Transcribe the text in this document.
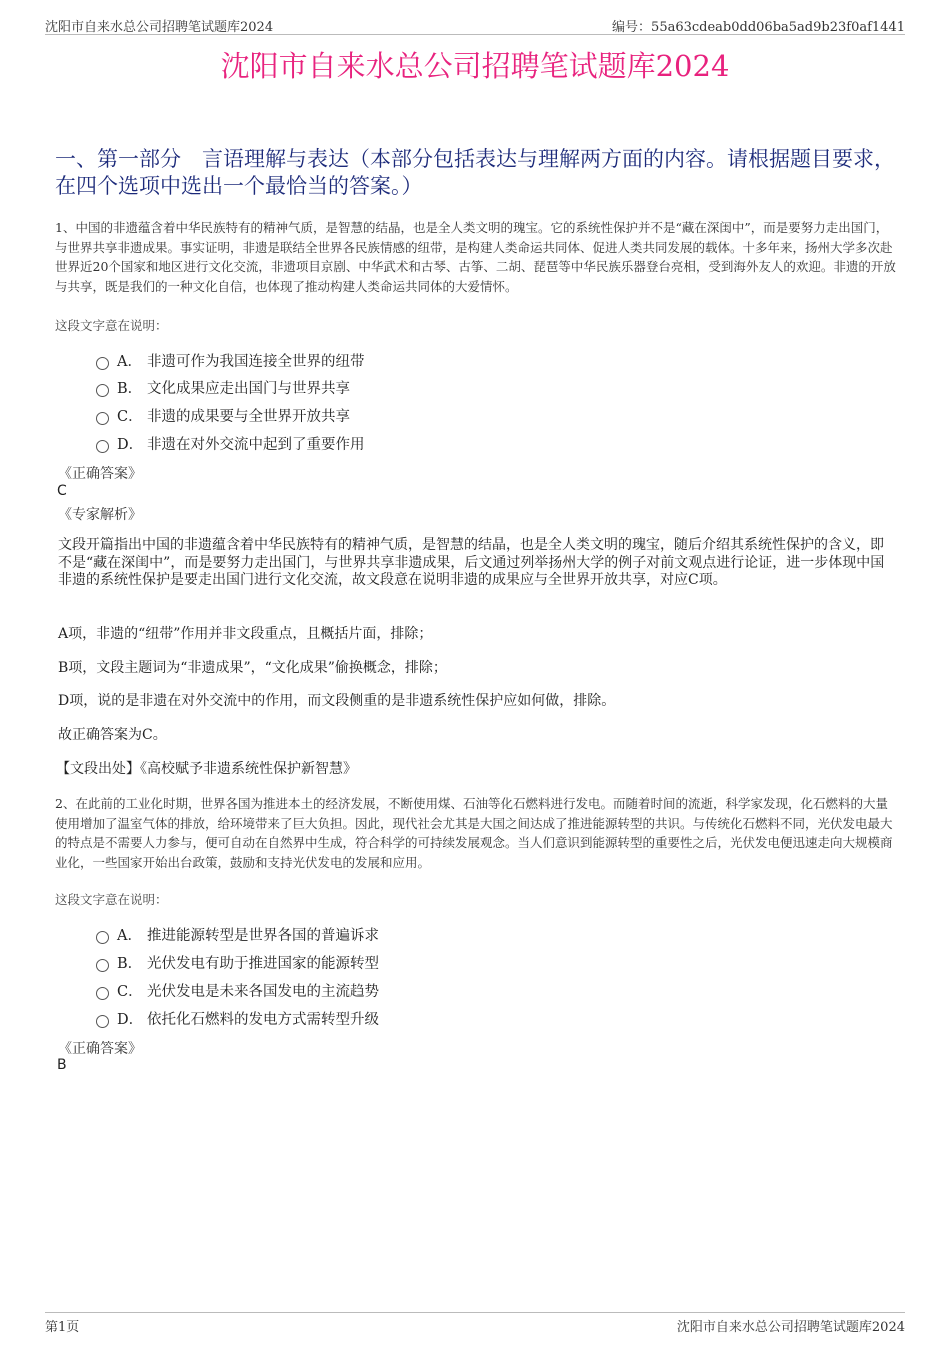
沈阳市自来水总公司招聘笔试题库2024	编号：55a63cdeab0dd06ba5ad9b23f0af1441
沈阳市自来水总公司招聘笔试题库2024
一、第一部分　言语理解与表达（本部分包括表达与理解两方面的内容。请根据题目要求，在四个选项中选出一个最恰当的答案。）
1、中国的非遗蕴含着中华民族特有的精神气质，是智慧的结晶，也是全人类文明的瑰宝。它的系统性保护并不是“藏在深闺中”，而是要努力走出国门，与世界共享非遗成果。事实证明，非遗是联结全世界各民族情感的纽带，是构建人类命运共同体、促进人类共同发展的载体。十多年来，扬州大学多次赴世界近20个国家和地区进行文化交流，非遗项目京剧、中华武术和古琴、古筝、二胡、琵琶等中华民族乐器登台亮相，受到海外友人的欢迎。非遗的开放与共享，既是我们的一种文化自信，也体现了推动构建人类命运共同体的大爱情怀。
这段文字意在说明：
A． 非遗可作为我国连接全世界的纽带
B． 文化成果应走出国门与世界共享
C． 非遗的成果要与全世界开放共享
D． 非遗在对外交流中起到了重要作用
《正确答案》
C
《专家解析》
文段开篇指出中国的非遗蕴含着中华民族特有的精神气质，是智慧的结晶，也是全人类文明的瑰宝，随后介绍其系统性保护的含义，即不是“藏在深闺中”，而是要努力走出国门，与世界共享非遗成果，后文通过列举扬州大学的例子对前文观点进行论证，进一步体现中国非遗的系统性保护是要走出国门进行文化交流，故文段意在说明非遗的成果应与全世界开放共享，对应C项。
A项，非遗的“纽带”作用并非文段重点，且概括片面，排除；
B项，文段主题词为“非遗成果”，“文化成果”偷换概念，排除；
D项，说的是非遗在对外交流中的作用，而文段侧重的是非遗系统性保护应如何做，排除。
故正确答案为C。
【文段出处】《高校赋予非遗系统性保护新智慧》
2、在此前的工业化时期，世界各国为推进本土的经济发展，不断使用煤、石油等化石燃料进行发电。而随着时间的流逝，科学家发现，化石燃料的大量使用增加了温室气体的排放，给环境带来了巨大负担。因此，现代社会尤其是大国之间达成了推进能源转型的共识。与传统化石燃料不同，光伏发电最大的特点是不需要人力参与，便可自动在自然界中生成，符合科学的可持续发展观念。当人们意识到能源转型的重要性之后，光伏发电便迅速走向大规模商业化，一些国家开始出台政策，鼓励和支持光伏发电的发展和应用。
这段文字意在说明：
A． 推进能源转型是世界各国的普遍诉求
B． 光伏发电有助于推进国家的能源转型
C． 光伏发电是未来各国发电的主流趋势
D． 依托化石燃料的发电方式需转型升级
《正确答案》
B
第1页	沈阳市自来水总公司招聘笔试题库2024
